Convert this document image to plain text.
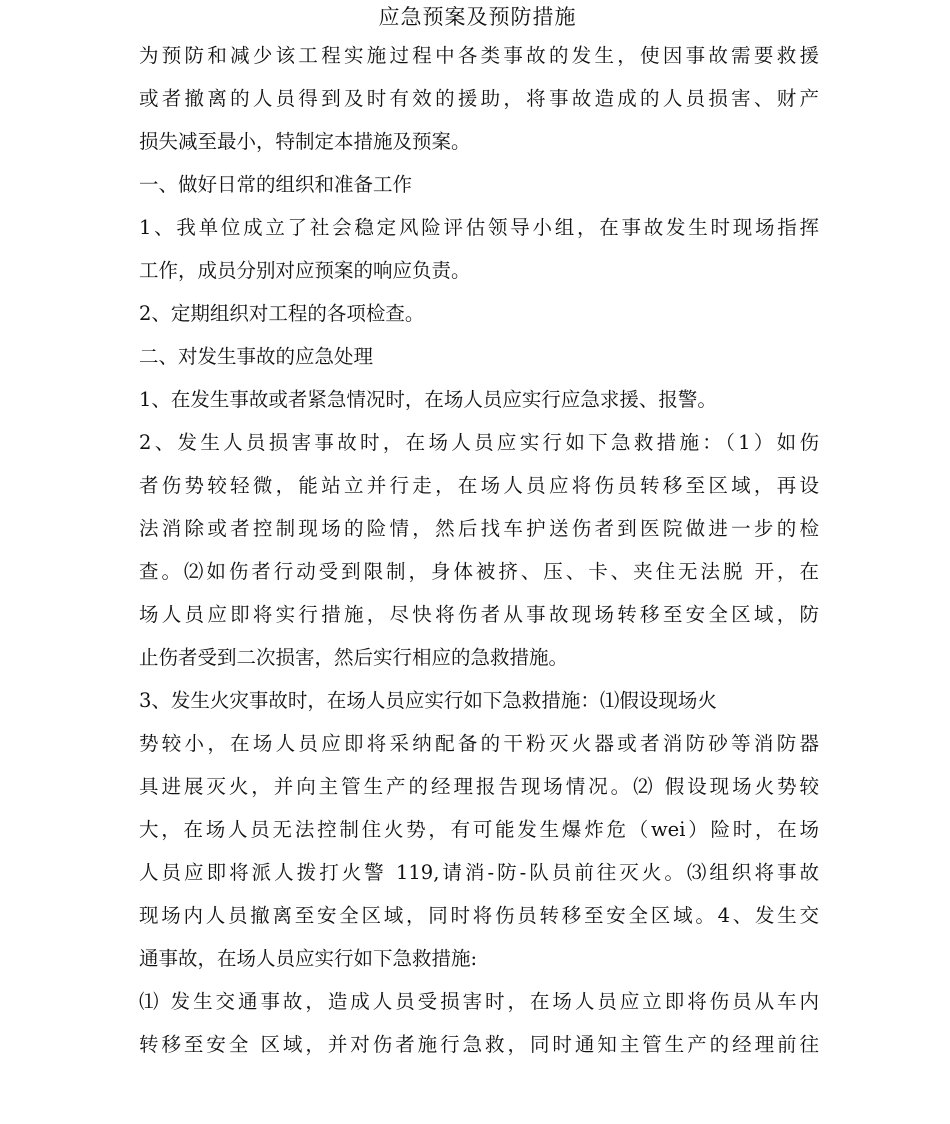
应急预案及预防措施
为预防和减少该工程实施过程中各类事故的发生，使因事故需要救援
或者撤离的人员得到及时有效的援助，将事故造成的人员损害、财产
损失减至最小，特制定本措施及预案。
一、做好日常的组织和准备工作
1、我单位成立了社会稳定风险评估领导小组，在事故发生时现场指挥
工作，成员分别对应预案的响应负责。
2、定期组织对工程的各项检查。
二、对发生事故的应急处理
1、在发生事故或者紧急情况时，在场人员应实行应急求援、报警。
2、发生人员损害事故时，在场人员应实行如下急救措施：（1）如伤
者伤势较轻微，能站立并行走，在场人员应将伤员转移至区域，再设
法消除或者控制现场的险情，然后找车护送伤者到医院做进一步的检
查。⑵如伤者行动受到限制，身体被挤、压、卡、夹住无法脱 开，在
场人员应即将实行措施，尽快将伤者从事故现场转移至安全区域，防
止伤者受到二次损害，然后实行相应的急救措施。
3、发生火灾事故时，在场人员应实行如下急救措施：⑴假设现场火
势较小，在场人员应即将采纳配备的干粉灭火器或者消防砂等消防器
具进展灭火，并向主管生产的经理报告现场情况。⑵ 假设现场火势较
大，在场人员无法控制住火势，有可能发生爆炸危（wei）险时，在场
人员应即将派人拨打火警 119,请消-防-队员前往灭火。⑶组织将事故
现场内人员撤离至安全区域，同时将伤员转移至安全区域。4、发生交
通事故，在场人员应实行如下急救措施:
⑴ 发生交通事故，造成人员受损害时，在场人员应立即将伤员从车内
转移至安全 区域，并对伤者施行急救，同时通知主管生产的经理前往
